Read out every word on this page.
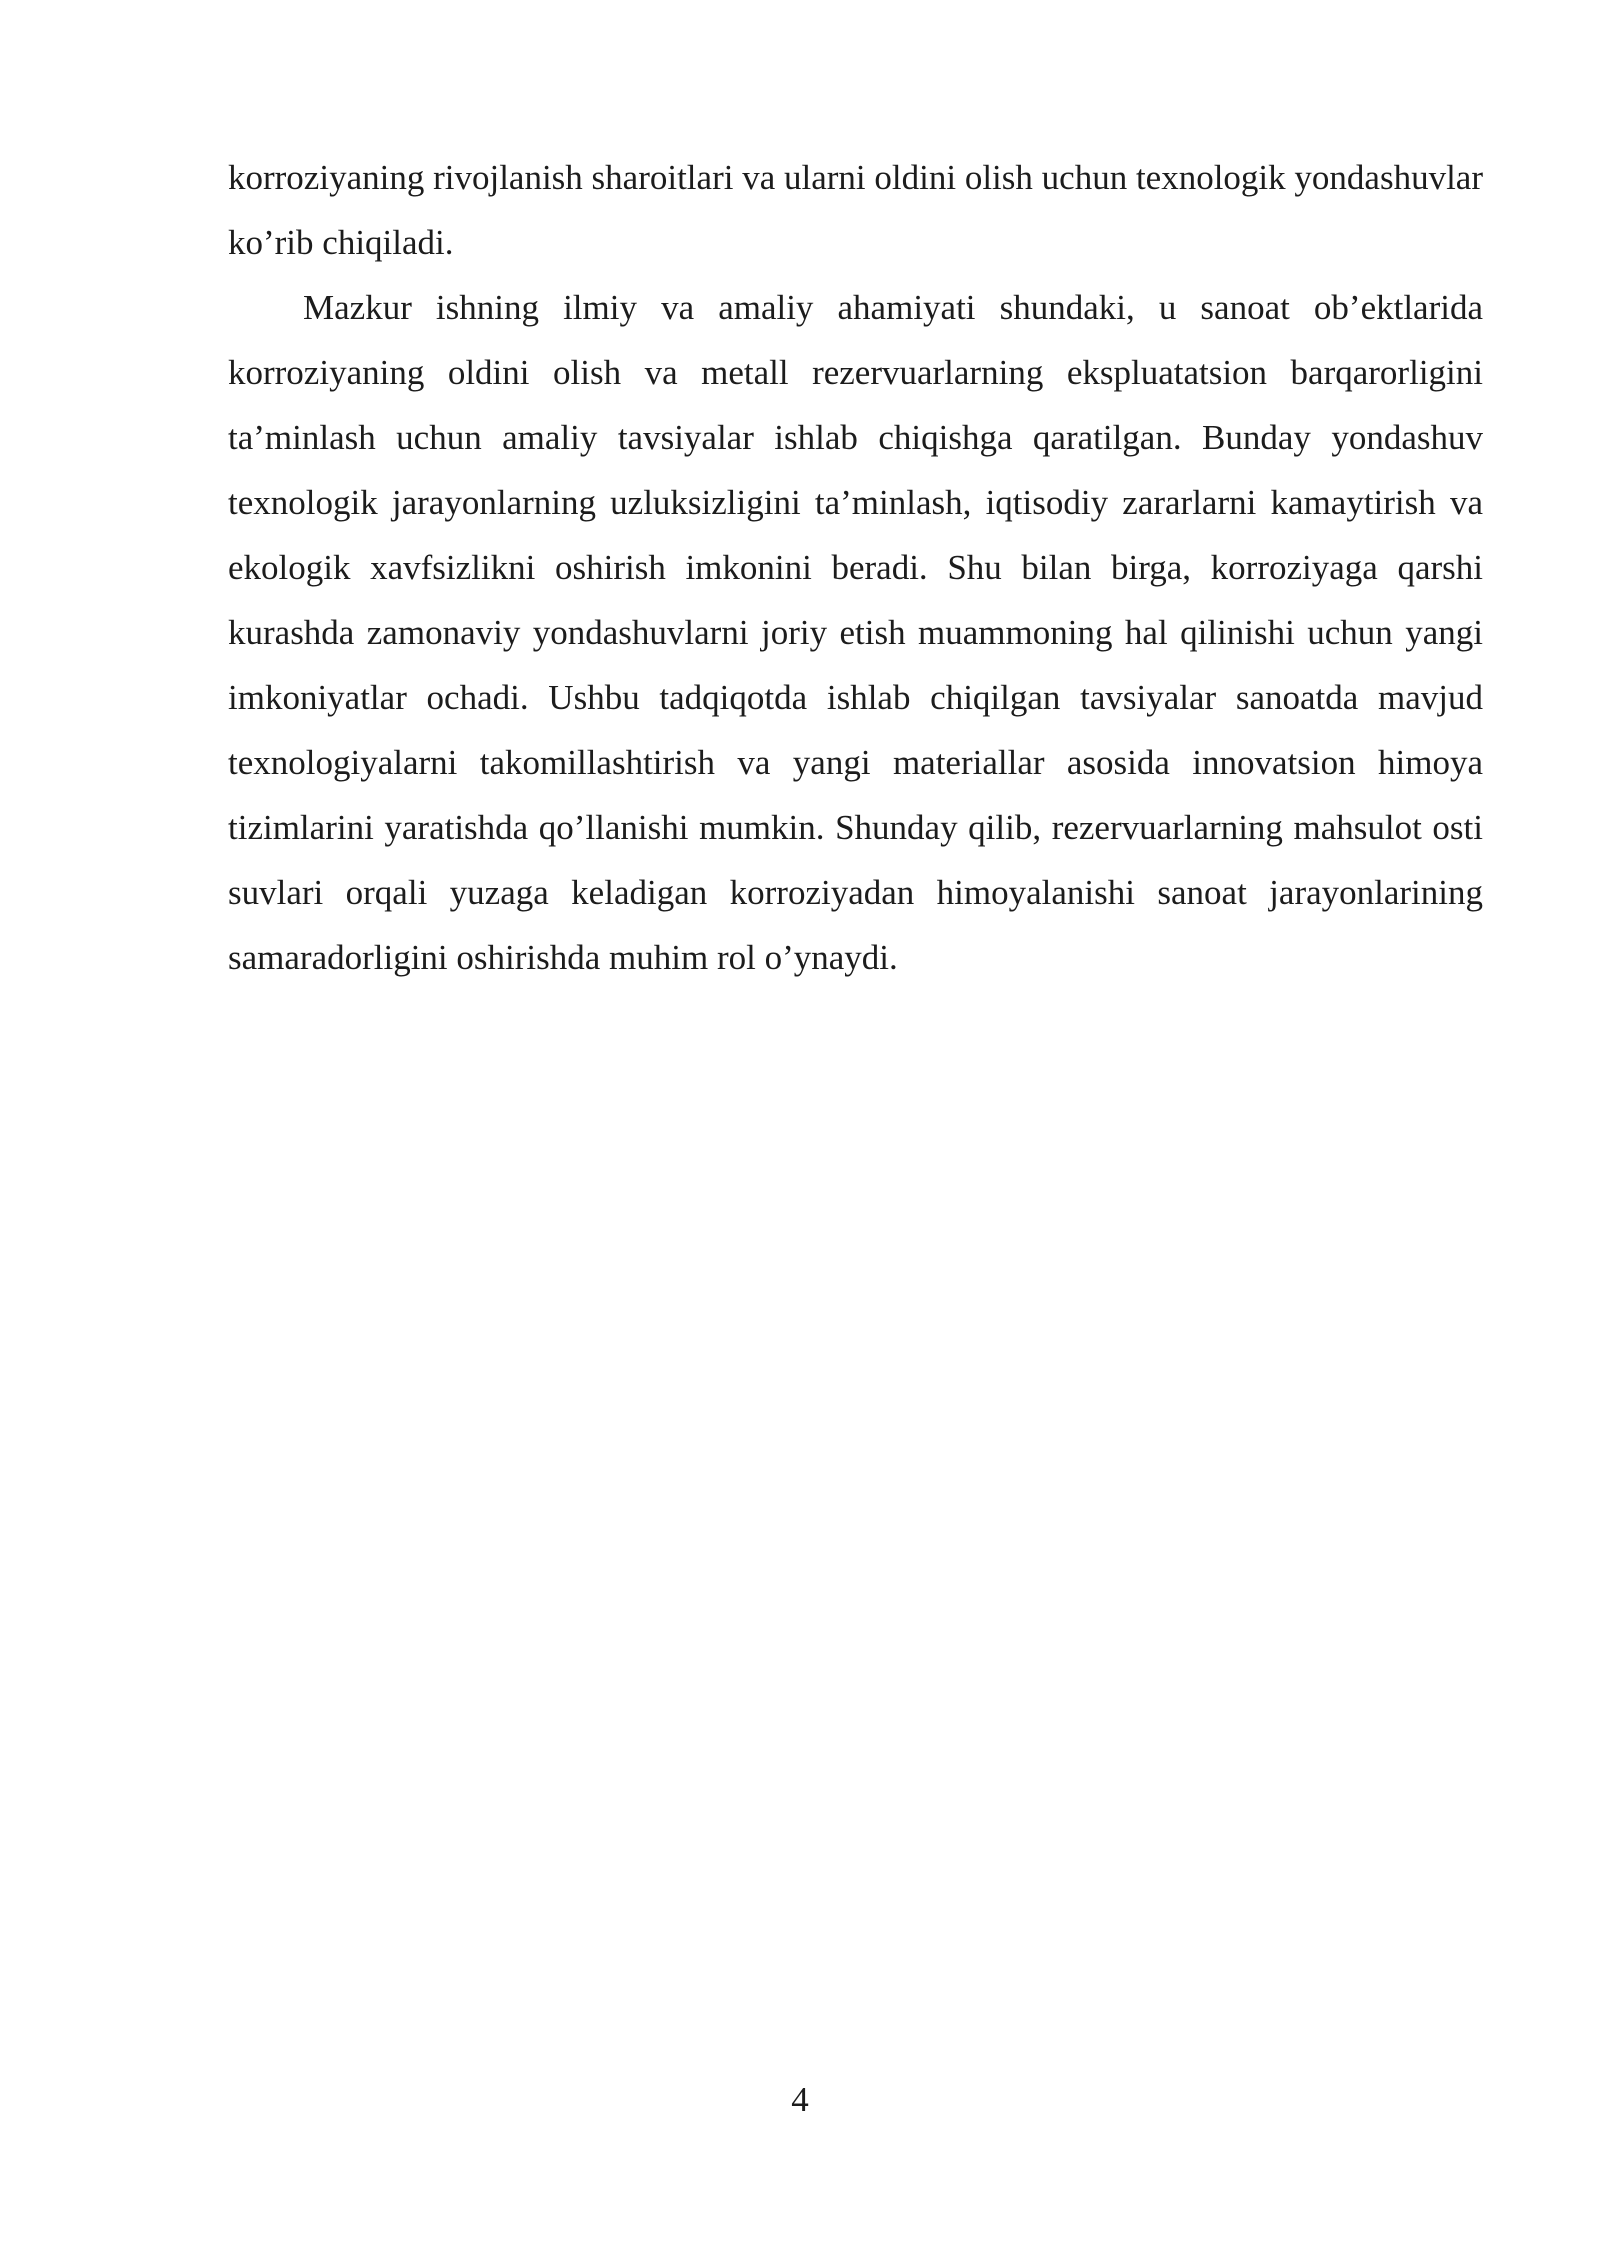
korroziyaning rivojlanish sharoitlari va ularni oldini olish uchun texnologik yondashuvlar ko’rib chiqiladi.

Mazkur ishning ilmiy va amaliy ahamiyati shundaki, u sanoat ob’ektlarida korroziyaning oldini olish va metall rezervuarlarning ekspluatatsion barqarorligini ta’minlash uchun amaliy tavsiyalar ishlab chiqishga qaratilgan. Bunday yondashuv texnologik jarayonlarning uzluksizligini ta’minlash, iqtisodiy zararlarni kamaytirish va ekologik xavfsizlikni oshirish imkonini beradi. Shu bilan birga, korroziyaga qarshi kurashda zamonaviy yondashuvlarni joriy etish muammoning hal qilinishi uchun yangi imkoniyatlar ochadi. Ushbu tadqiqotda ishlab chiqilgan tavsiyalar sanoatda mavjud texnologiyalarni takomillashtirish va yangi materiallar asosida innovatsion himoya tizimlarini yaratishda qo’llanishi mumkin. Shunday qilib, rezervuarlarning mahsulot osti suvlari orqali yuzaga keladigan korroziyadan himoyalanishi sanoat jarayonlarining samaradorligini oshirishda muhim rol o’ynaydi.

4
